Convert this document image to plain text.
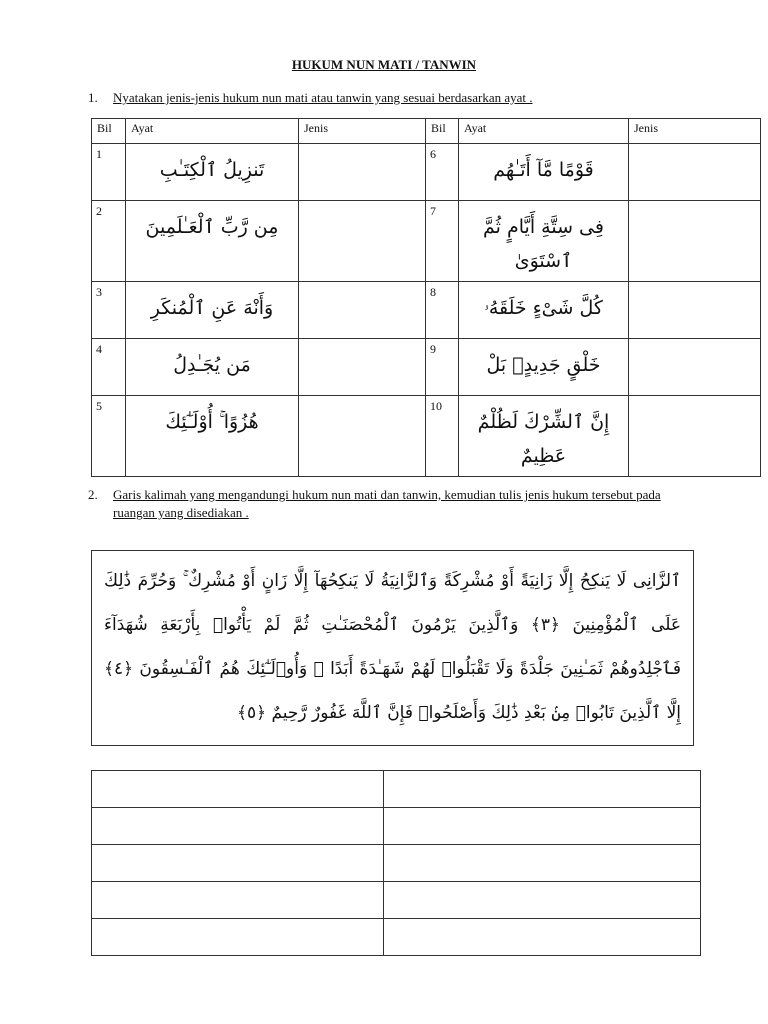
HUKUM NUN MATI / TANWIN
1. Nyatakan jenis-jenis hukum nun mati atau tanwin yang sesuai berdasarkan ayat .
Bil	Ayat	Jenis	Bil	Ayat	Jenis
1	تَنزِيلُ ٱلْكِتَـٰبِ		6	قَوْمًا مَّآ أَتَـٰهُم	

2	مِن رَّبِّ ٱلْعَـٰلَمِينَ		7	فِى سِتَّةِ أَيَّامٍ ثُمَّ ٱسْتَوَىٰ	

3	وَأَنْهَ عَنِ ٱلْمُنكَرِ		8	كُلَّ شَىْءٍ خَلَقَهُۥ	

4	مَن يُجَـٰدِلُ		9	خَلْقٍ جَدِيدٍۭ بَلْ	

5	هُزُوًا ۚ أُوْلَـٰٓئِكَ		10	إِنَّ ٱلشِّرْكَ لَظُلْمٌ عَظِيمٌ	

2. Garis kalimah yang mengandungi hukum nun mati dan tanwin, kemudian tulis jenis hukum tersebut pada ruangan yang disediakan .
ٱلزَّانِى لَا يَنكِحُ إِلَّا زَانِيَةً أَوْ مُشْرِكَةً وَٱلزَّانِيَةُ لَا يَنكِحُهَآ إِلَّا زَانٍ أَوْ مُشْرِكٌ ۚ وَحُرِّمَ ذَٰلِكَ عَلَى ٱلْمُؤْمِنِينَ ﴿٣﴾ وَٱلَّذِينَ يَرْمُونَ ٱلْمُحْصَنَـٰتِ ثُمَّ لَمْ يَأْتُوا۟ بِأَرْبَعَةِ شُهَدَآءَ فَٱجْلِدُوهُمْ ثَمَـٰنِينَ جَلْدَةً وَلَا تَقْبَلُوا۟ لَهُمْ شَهَـٰدَةً أَبَدًا ۚ وَأُو۟لَـٰٓئِكَ هُمُ ٱلْفَـٰسِقُونَ ﴿٤﴾ إِلَّا ٱلَّذِينَ تَابُوا۟ مِنۢ بَعْدِ ذَٰلِكَ وَأَصْلَحُوا۟ فَإِنَّ ٱللَّهَ غَفُورٌ رَّحِيمٌ ﴿٥﴾
